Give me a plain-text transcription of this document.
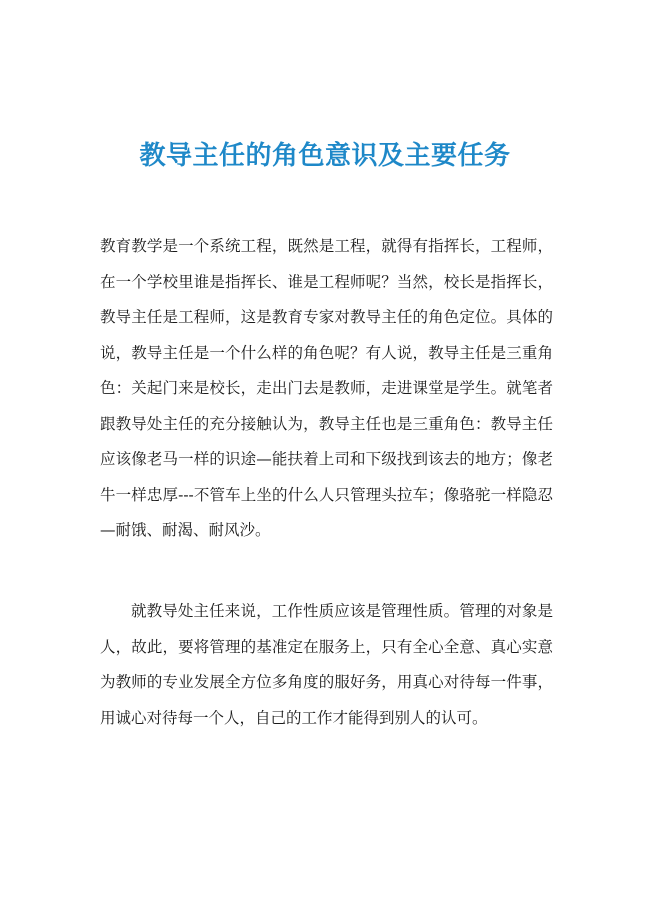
教导主任的角色意识及主要任务

教育教学是一个系统工程，既然是工程，就得有指挥长，工程师，在一个学校里谁是指挥长、谁是工程师呢？当然，校长是指挥长，教导主任是工程师，这是教育专家对教导主任的角色定位。具体的说，教导主任是一个什么样的角色呢？有人说，教导主任是三重角色：关起门来是校长，走出门去是教师，走进课堂是学生。就笔者跟教导处主任的充分接触认为，教导主任也是三重角色：教导主任应该像老马一样的识途—能扶着上司和下级找到该去的地方；像老牛一样忠厚---不管车上坐的什么人只管理头拉车；像骆驼一样隐忍—耐饿、耐渴、耐风沙。

就教导处主任来说，工作性质应该是管理性质。管理的对象是人，故此，要将管理的基准定在服务上，只有全心全意、真心实意为教师的专业发展全方位多角度的服好务，用真心对待每一件事，用诚心对待每一个人，自己的工作才能得到别人的认可。
